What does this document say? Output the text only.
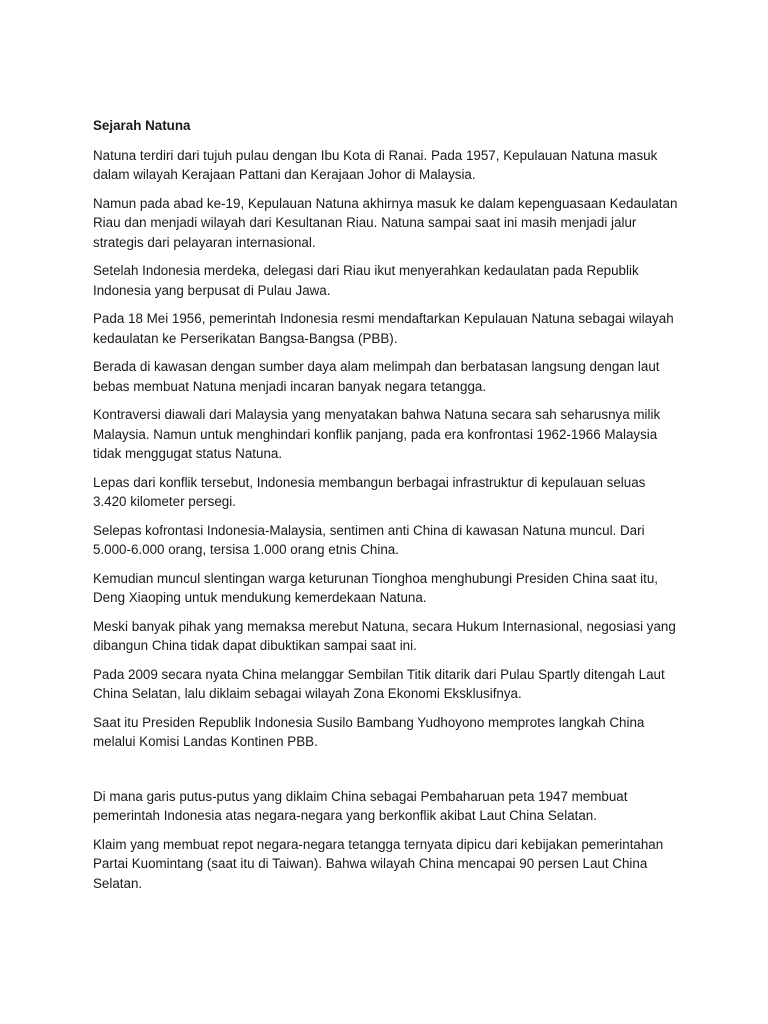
Sejarah Natuna

Natuna terdiri dari tujuh pulau dengan Ibu Kota di Ranai. Pada 1957, Kepulauan Natuna masuk dalam wilayah Kerajaan Pattani dan Kerajaan Johor di Malaysia.

Namun pada abad ke-19, Kepulauan Natuna akhirnya masuk ke dalam kepenguasaan Kedaulatan Riau dan menjadi wilayah dari Kesultanan Riau. Natuna sampai saat ini masih menjadi jalur strategis dari pelayaran internasional.

Setelah Indonesia merdeka, delegasi dari Riau ikut menyerahkan kedaulatan pada Republik Indonesia yang berpusat di Pulau Jawa.

Pada 18 Mei 1956, pemerintah Indonesia resmi mendaftarkan Kepulauan Natuna sebagai wilayah kedaulatan ke Perserikatan Bangsa-Bangsa (PBB).

Berada di kawasan dengan sumber daya alam melimpah dan berbatasan langsung dengan laut bebas membuat Natuna menjadi incaran banyak negara tetangga.

Kontraversi diawali dari Malaysia yang menyatakan bahwa Natuna secara sah seharusnya milik Malaysia. Namun untuk menghindari konflik panjang, pada era konfrontasi 1962-1966 Malaysia tidak menggugat status Natuna.

Lepas dari konflik tersebut, Indonesia membangun berbagai infrastruktur di kepulauan seluas 3.420 kilometer persegi.

Selepas kofrontasi Indonesia-Malaysia, sentimen anti China di kawasan Natuna muncul. Dari 5.000-6.000 orang, tersisa 1.000 orang etnis China.

Kemudian muncul slentingan warga keturunan Tionghoa menghubungi Presiden China saat itu, Deng Xiaoping untuk mendukung kemerdekaan Natuna.

Meski banyak pihak yang memaksa merebut Natuna, secara Hukum Internasional, negosiasi yang dibangun China tidak dapat dibuktikan sampai saat ini.

Pada 2009 secara nyata China melanggar Sembilan Titik ditarik dari Pulau Spartly ditengah Laut China Selatan, lalu diklaim sebagai wilayah Zona Ekonomi Eksklusifnya.

Saat itu Presiden Republik Indonesia Susilo Bambang Yudhoyono memprotes langkah China melalui Komisi Landas Kontinen PBB.

Di mana garis putus-putus yang diklaim China sebagai Pembaharuan peta 1947 membuat pemerintah Indonesia atas negara-negara yang berkonflik akibat Laut China Selatan.

Klaim yang membuat repot negara-negara tetangga ternyata dipicu dari kebijakan pemerintahan Partai Kuomintang (saat itu di Taiwan). Bahwa wilayah China mencapai 90 persen Laut China Selatan.
